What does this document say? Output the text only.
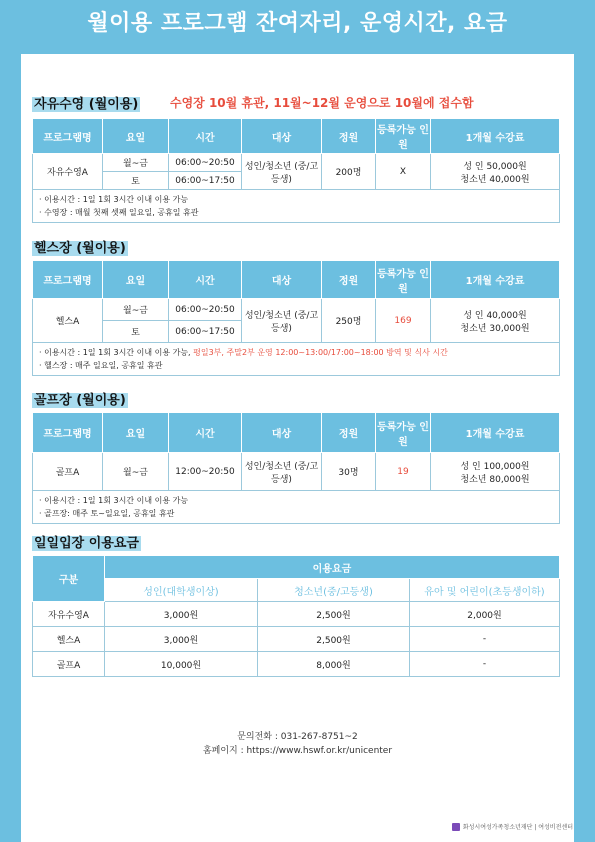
월이용 프로그램 잔여자리, 운영시간, 요금
자유수영 (월이용)	수영장 10월 휴관, 11월~12월 운영으로 10월에 접수함
프로그램명	요일	시간	대상	정원	등록가능 인원	1개월 수강료
자유수영A	월~금	06:00~20:50	성인/청소년 (중/고등생)	200명	X	성 인 50,000원
청소년 40,000원

	토	06:00~17:50				

· 이용시간 : 1일 1회 3시간 이내 이용 가능
· 수영장 : 매월 첫째 셋째 일요일, 공휴일 휴관						
헬스장 (월이용)
프로그램명	요일	시간	대상	정원	등록가능 인원	1개월 수강료
헬스A	월~금	06:00~20:50	성인/청소년 (중/고등생)	250명	169	성 인 40,000원
청소년 30,000원

	토	06:00~17:50				

· 이용시간 : 1일 1회 3시간 이내 이용 가능, 평일3부, 주말2부 운영 12:00~13:00/17:00~18:00 방역 및 식사 시간
· 헬스장 : 매주 일요일, 공휴일 휴관						
골프장 (월이용)
프로그램명	요일	시간	대상	정원	등록가능 인원	1개월 수강료
골프A	월~금	12:00~20:50	성인/청소년 (중/고등생)	30명	19	성 인 100,000원
청소년 80,000원

· 이용시간 : 1일 1회 3시간 이내 이용 가능
· 골프장: 매주 토~일요일, 공휴일 휴관						
일일입장 이용요금
구분	이용요금		
	성인(대학생이상)	청소년(중/고등생)	유아 및 어린이(초등생이하)
자유수영A	3,000원	2,500원	2,000원
헬스A	3,000원	2,500원	-
골프A	10,000원	8,000원	-
문의전화 : 031-267-8751~2
홈페이지 : https://www.hswf.or.kr/unicenter
화성시여성가족청소년재단 | 여성비전센터
